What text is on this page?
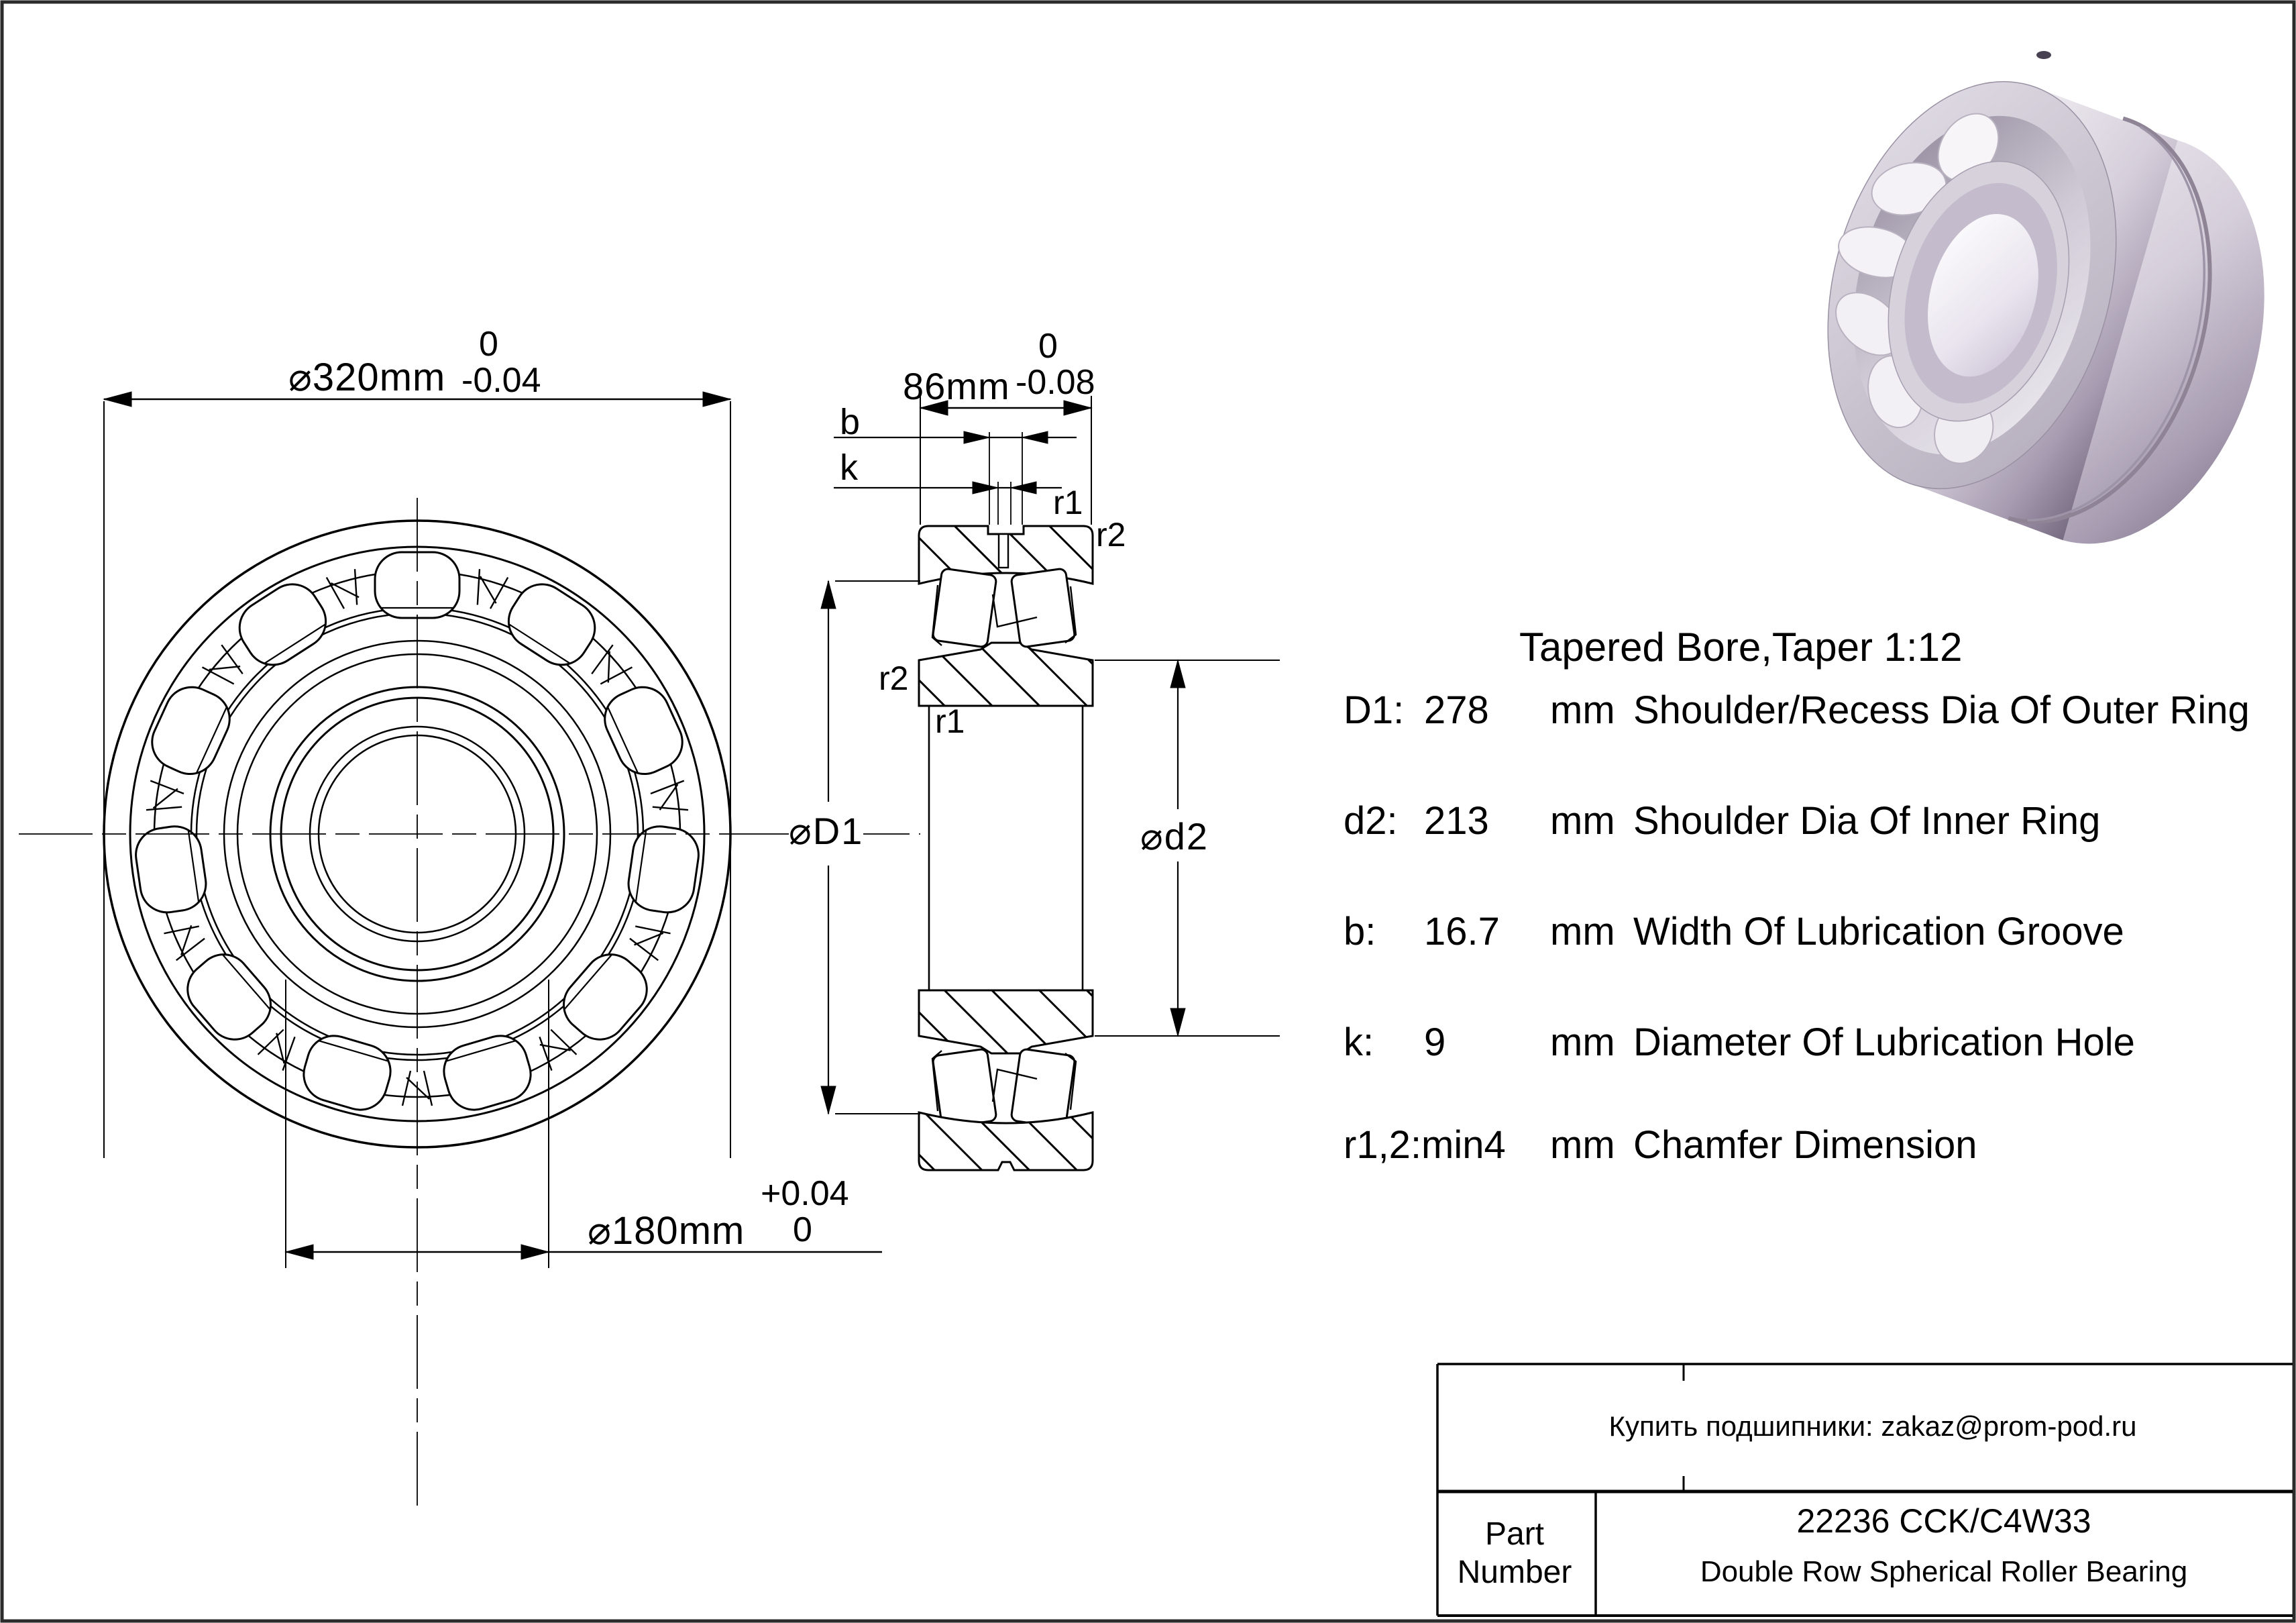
⌀320mm
0
-0.04	86mm
0
-0.08
⌀180mm
+0.04
0
b
k
r1
r2
r2
r1
⌀D1	⌀d2
Tapered Bore,Taper 1:12
D1: 278 mm Shoulder/Recess Dia Of Outer Ring
d2: 213 mm Shoulder Dia Of Inner Ring
b: 16.7 mm Width Of Lubrication Groove
k: 9	mm Diameter Of Lubrication Hole
r1,2:min4 mm Chamfer Dimension
Купить подшипники: zakaz@prom-pod.ru
Part
Number
22236 CCK/C4W33
Double Row Spherical Roller Bearing
